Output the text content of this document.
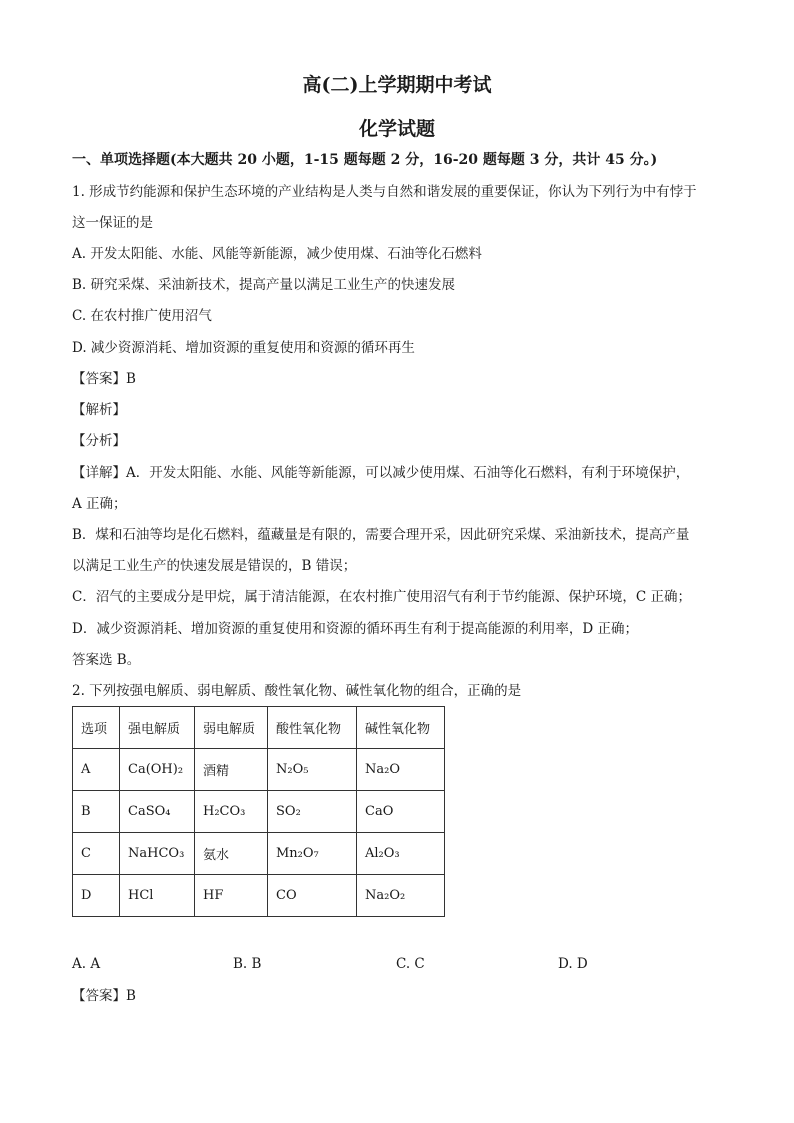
高(二)上学期期中考试
化学试题
一、单项选择题(本大题共 20 小题，1-15 题每题 2 分，16-20 题每题 3 分，共计 45 分。)
1. 形成节约能源和保护生态环境的产业结构是人类与自然和谐发展的重要保证，你认为下列行为中有悖于
这一保证的是
A. 开发太阳能、水能、风能等新能源，减少使用煤、石油等化石燃料
B. 研究采煤、采油新技术，提高产量以满足工业生产的快速发展
C. 在农村推广使用沼气
D. 减少资源消耗、增加资源的重复使用和资源的循环再生
【答案】B
【解析】
【分析】
【详解】A．开发太阳能、水能、风能等新能源，可以减少使用煤、石油等化石燃料，有利于环境保护，
A 正确；
B．煤和石油等均是化石燃料，蕴藏量是有限的，需要合理开采，因此研究采煤、采油新技术，提高产量
以满足工业生产的快速发展是错误的，B 错误；
C．沼气的主要成分是甲烷，属于清洁能源，在农村推广使用沼气有利于节约能源、保护环境，C 正确；
D．减少资源消耗、增加资源的重复使用和资源的循环再生有利于提高能源的利用率，D 正确；
答案选 B。
2. 下列按强电解质、弱电解质、酸性氧化物、碱性氧化物的组合，正确的是
选项	强电解质	弱电解质	酸性氧化物	碱性氧化物
A	Ca(OH)₂	酒精	N₂O₅	Na₂O
B	CaSO₄	H₂CO₃	SO₂	CaO
C	NaHCO₃	氨水	Mn₂O₇	Al₂O₃
D	HCl	HF	CO	Na₂O₂
A. A	B. B	C. C	D. D
【答案】B
